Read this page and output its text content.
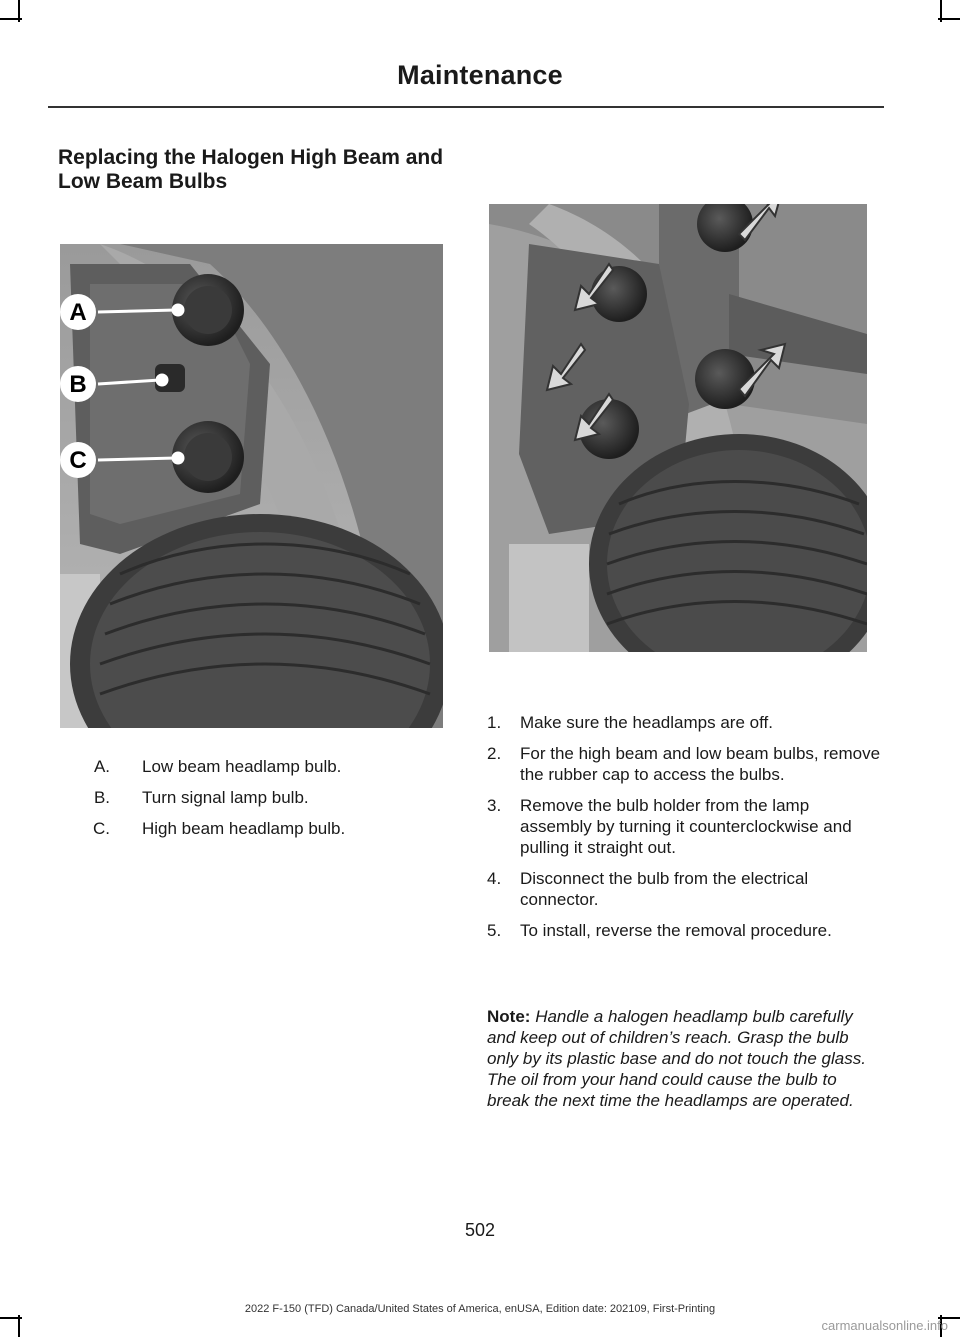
Maintenance
Replacing the Halogen High Beam and Low Beam Bulbs
A
B
C
A. Low beam headlamp bulb.
B. Turn signal lamp bulb.
C. High beam headlamp bulb.
1. Make sure the headlamps are off.
2. For the high beam and low beam bulbs, remove the rubber cap to access the bulbs.
3. Remove the bulb holder from the lamp assembly by turning it counterclockwise and pulling it straight out.
4. Disconnect the bulb from the electrical connector.
5. To install, reverse the removal procedure.
Note: Handle a halogen headlamp bulb carefully and keep out of children’s reach. Grasp the bulb only by its plastic base and do not touch the glass. The oil from your hand could cause the bulb to break the next time the headlamps are operated.
502
2022 F-150 (TFD) Canada/United States of America, enUSA, Edition date: 202109, First-Printing
carmanualsonline.info
